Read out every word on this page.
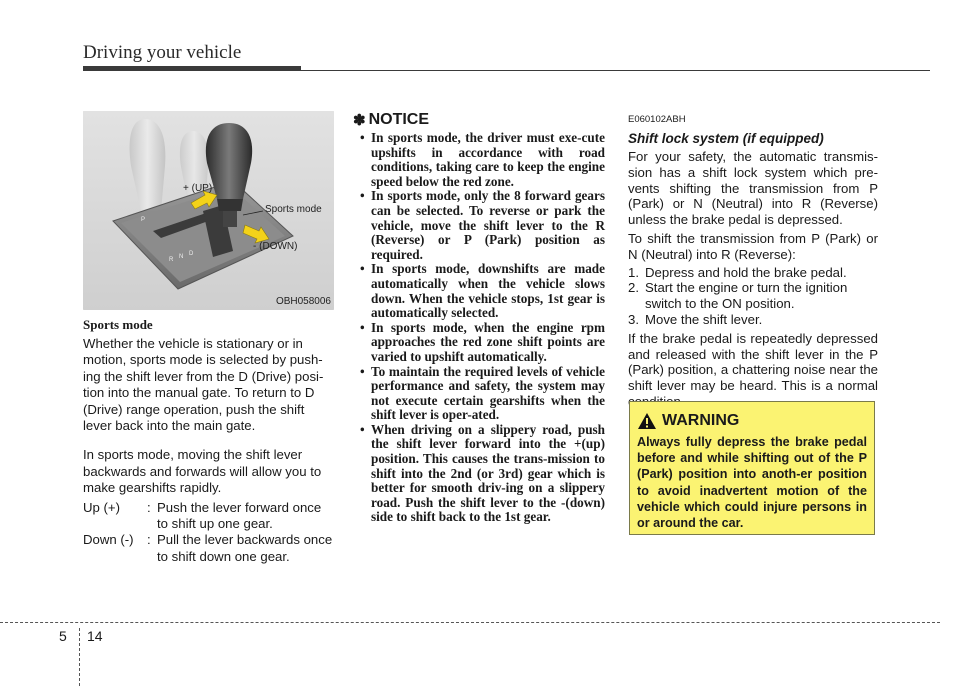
Driving your vehicle
P
R N D
+ (UP)
Sports mode
- (DOWN)
OBH058006
Sports mode

Whether the vehicle is stationary or in motion, sports mode is selected by push-ing the shift lever from the D (Drive) posi-tion into the manual gate. To return to D (Drive) range operation, push the shift lever back into the main gate.

In sports mode, moving the shift lever backwards and forwards will allow you to make gearshifts rapidly.

Up (+)	: Push the lever forward once to shift up one gear.
Down (-)	: Pull the lever backwards once to shift down one gear.
✽ NOTICE
• In sports mode, the driver must exe-cute upshifts in accordance with road conditions, taking care to keep the engine speed below the red zone.
• In sports mode, only the 8 forward gears can be selected. To reverse or park the vehicle, move the shift lever to the R (Reverse) or P (Park) position as required.
• In sports mode, downshifts are made automatically when the vehicle slows down. When the vehicle stops, 1st gear is automatically selected.
• In sports mode, when the engine rpm approaches the red zone shift points are varied to upshift automatically.
• To maintain the required levels of vehicle performance and safety, the system may not execute certain gearshifts when the shift lever is oper-ated.
• When driving on a slippery road, push the shift lever forward into the +(up) position. This causes the trans-mission to shift into the 2nd (or 3rd) gear which is better for smooth driv-ing on a slippery road. Push the shift lever to the -(down) side to shift back to the 1st gear.
E060102ABH
Shift lock system (if equipped)

For your safety, the automatic transmis-sion has a shift lock system which pre-vents shifting the transmission from P (Park) or N (Neutral) into R (Reverse) unless the brake pedal is depressed.

To shift the transmission from P (Park) or N (Neutral) into R (Reverse):

1. Depress and hold the brake pedal.
2. Start the engine or turn the ignition switch to the ON position.
3. Move the shift lever.

If the brake pedal is repeatedly depressed and released with the shift lever in the P (Park) position, a chattering noise near the shift lever may be heard. This is a normal

WARNING
Always fully depress the brake pedal before and while shifting out of the P (Park) position into anoth-er position to avoid inadvertent motion of the vehicle which could injure persons in or around the car.
5 14
